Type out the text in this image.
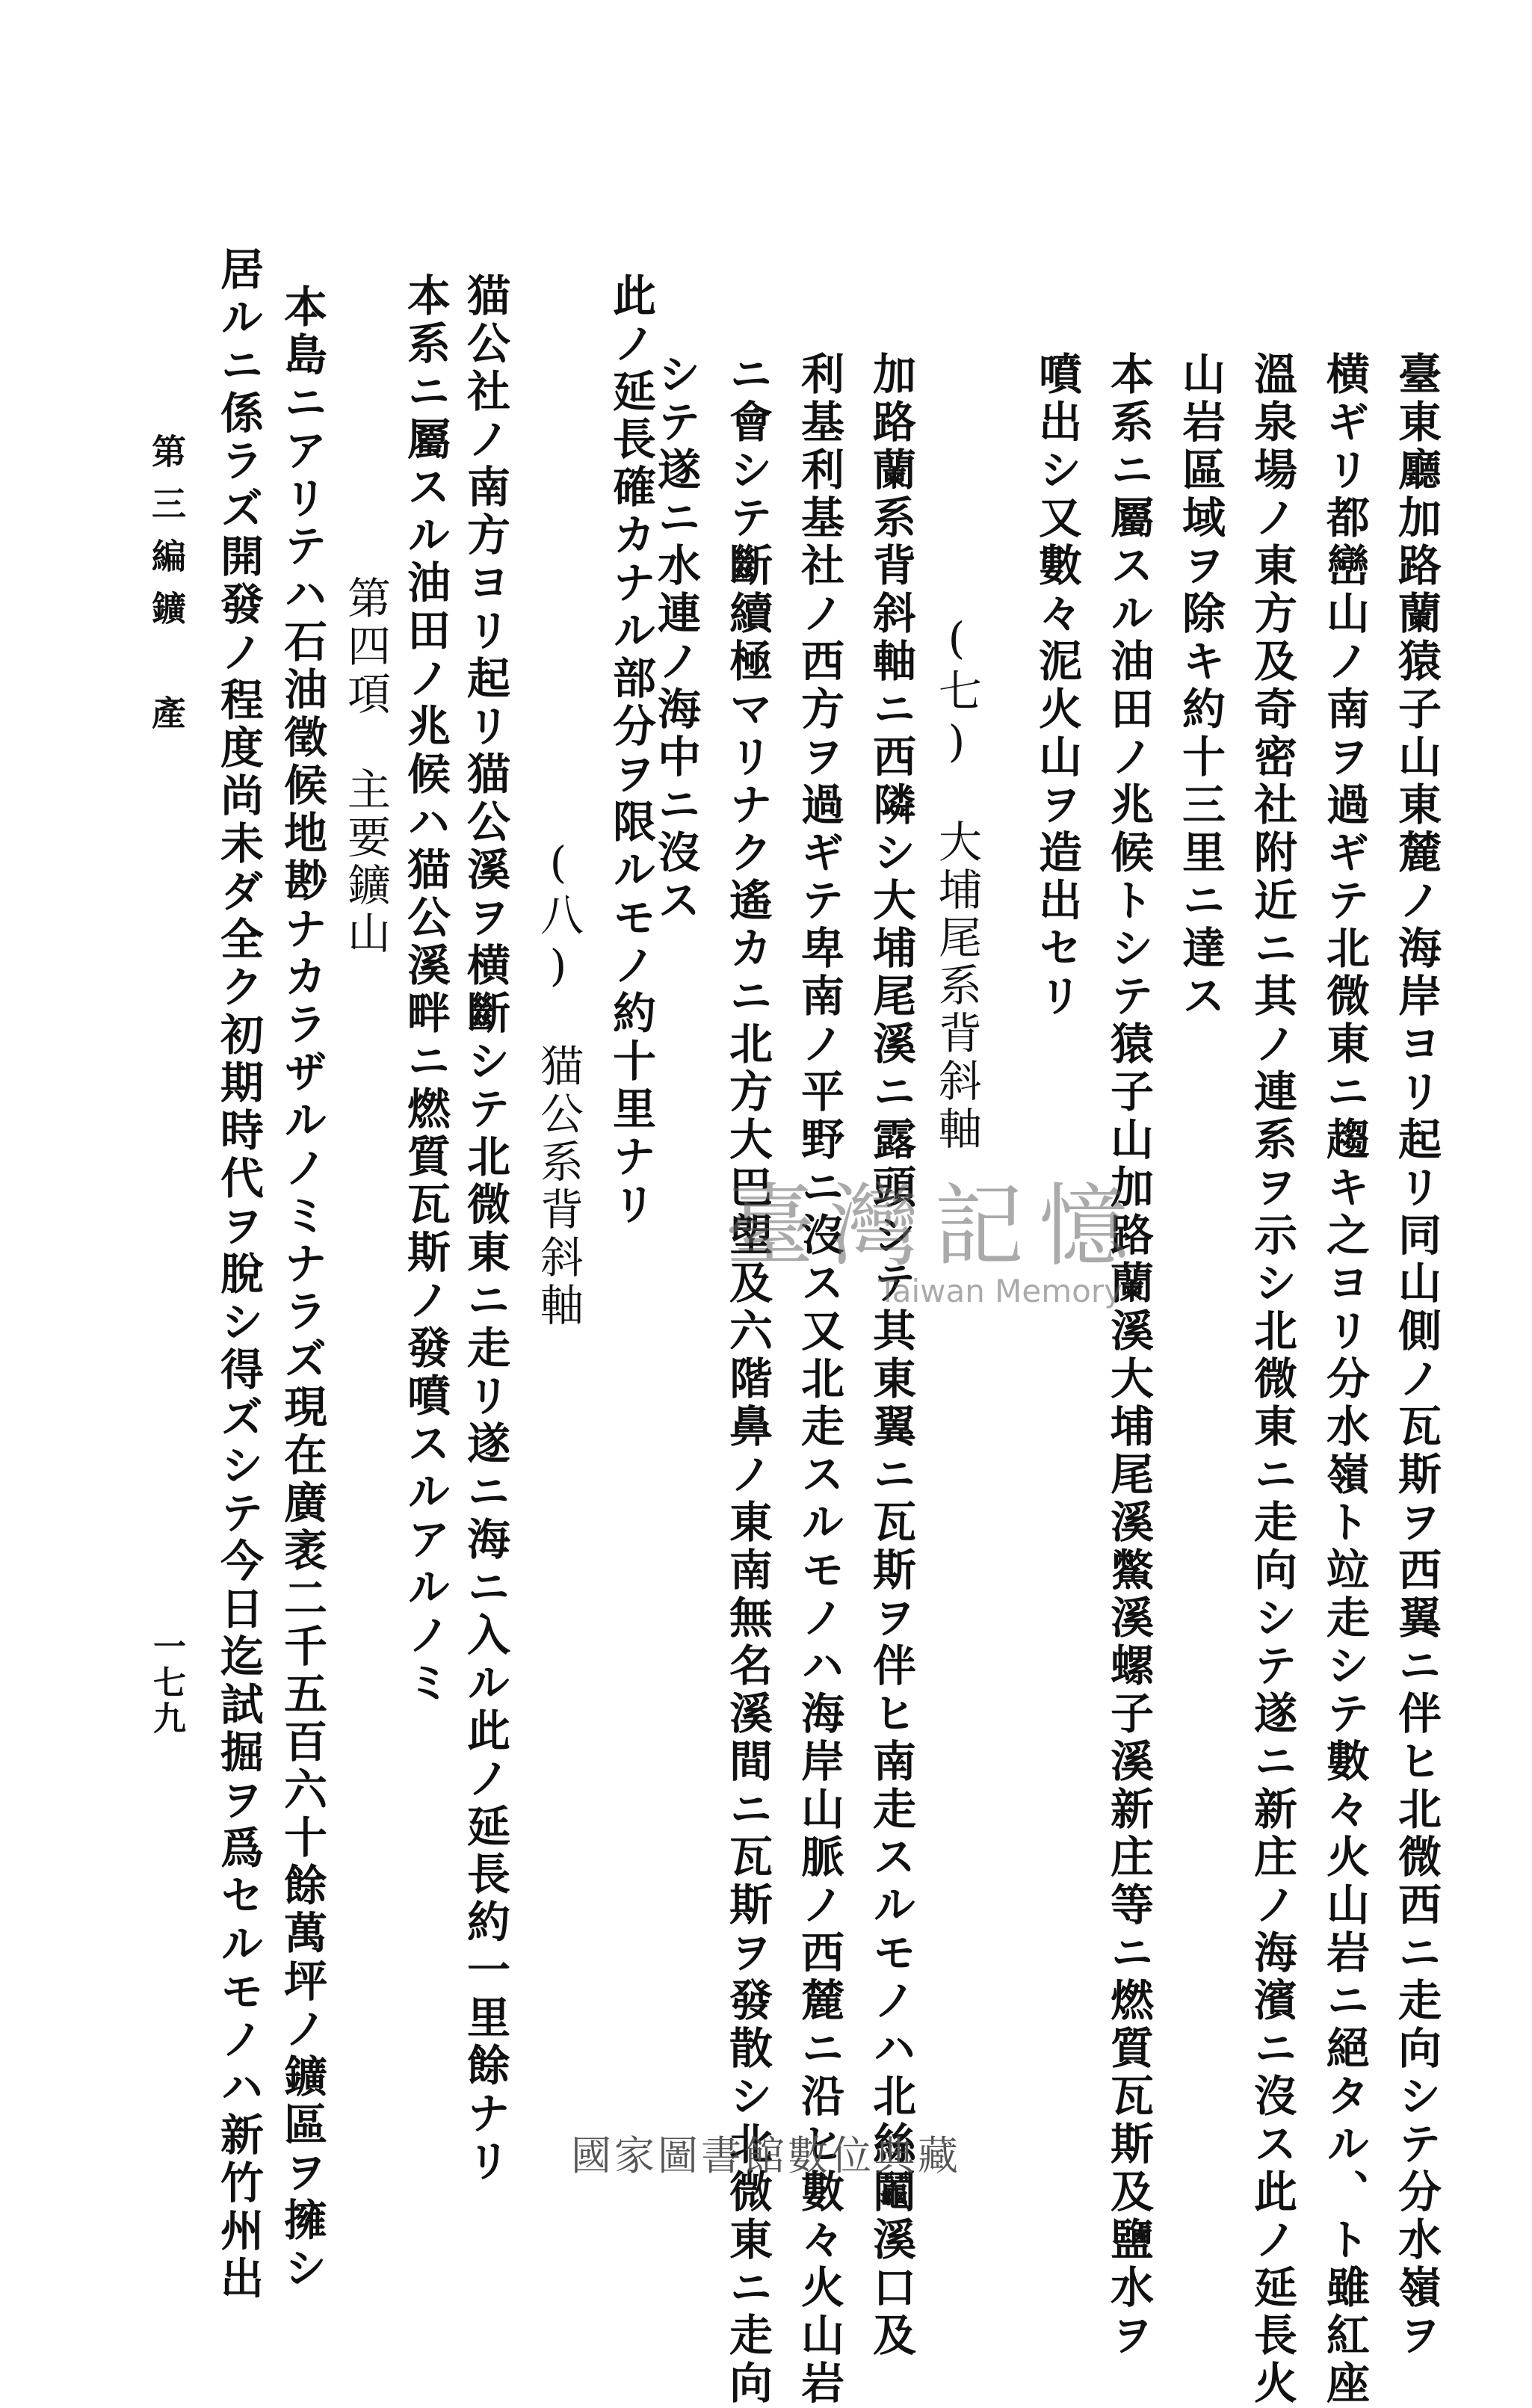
臺東廳加路蘭猿子山東麓ノ海岸ヨリ起リ同山側ノ瓦斯ヲ西翼ニ伴ヒ北微西ニ走向シテ分水嶺ヲ
横ギリ都巒山ノ南ヲ過ギテ北微東ニ趨キ之ヨリ分水嶺ト竝走シテ數々火山岩ニ絕タル、ト雖紅座
溫泉場ノ東方及奇密社附近ニ其ノ連系ヲ示シ北微東ニ走向シテ遂ニ新庄ノ海濱ニ沒ス此ノ延長火
山岩區域ヲ除キ約十三里ニ達ス
本系ニ屬スル油田ノ兆候トシテ猿子山加路蘭溪大埔尾溪鱉溪螺子溪新庄等ニ燃質瓦斯及鹽水ヲ
噴出シ又數々泥火山ヲ造出セリ
(七)　大埔尾系背斜軸
加路蘭系背斜軸ニ西隣シ大埔尾溪ニ露頭シテ其東翼ニ瓦斯ヲ伴ヒ南走スルモノハ北絲鬮溪口及
利基利基社ノ西方ヲ過ギテ卑南ノ平野ニ沒ス又北走スルモノハ海岸山脈ノ西麓ニ沿ヒ數々火山岩
ニ會シテ斷續極マリナク遙カニ北方大巴塱及六階鼻ノ東南無名溪間ニ瓦斯ヲ發散シ北微東ニ走向
シテ遂ニ水連ノ海中ニ沒ス
此ノ延長確カナル部分ヲ限ルモノ約十里ナリ
(八)　猫公系背斜軸
猫公社ノ南方ヨリ起リ猫公溪ヲ横斷シテ北微東ニ走リ遂ニ海ニ入ル此ノ延長約一里餘ナリ
本系ニ屬スル油田ノ兆候ハ猫公溪畔ニ燃質瓦斯ノ發噴スルアルノミ
第四項　主要鑛山
本島ニアリテハ石油徵候地尠ナカラザルノミナラズ現在廣袤二千五百六十餘萬坪ノ鑛區ヲ擁シ
居ルニ係ラズ開發ノ程度尚未ダ全ク初期時代ヲ脫シ得ズシテ今日迄試掘ヲ爲セルモノハ新竹州出
第三編
鑛　產
一七九
臺灣記憶
Taiwan Memory
國家圖書館數位典藏
